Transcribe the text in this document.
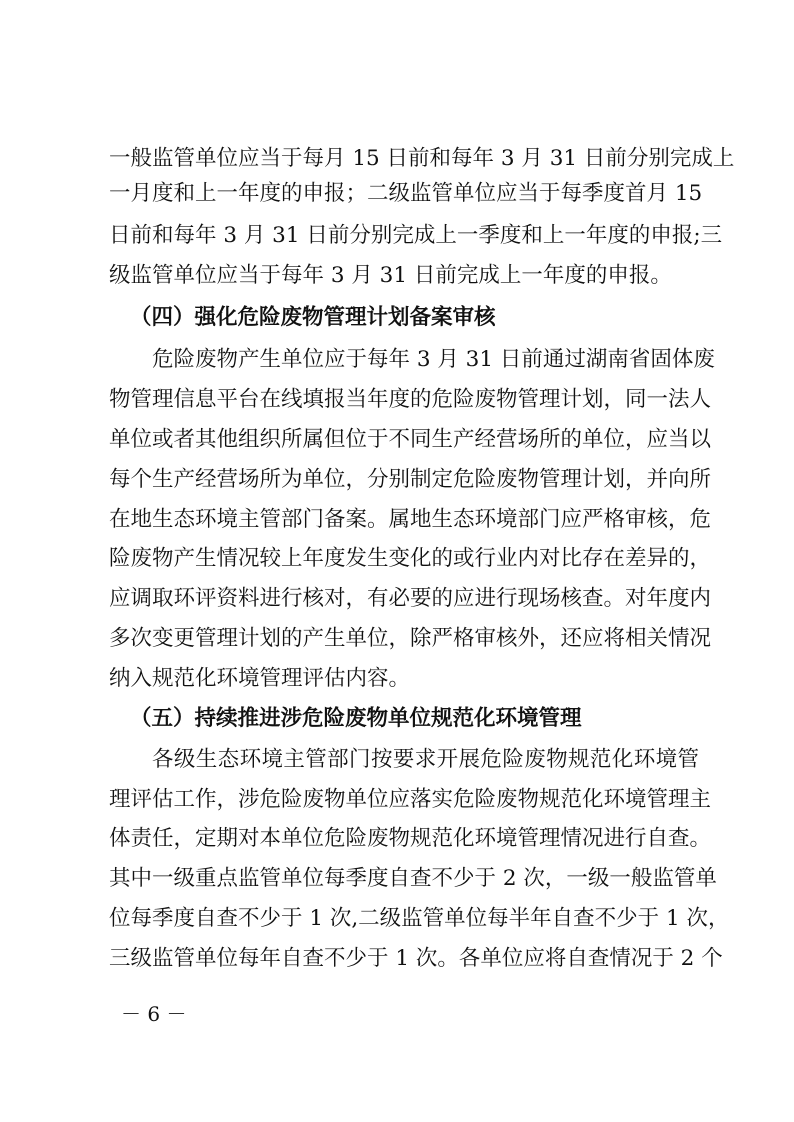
一般监管单位应当于每月 15 日前和每年 3 月 31 日前分别完成上
一月度和上一年度的申报；二级监管单位应当于每季度首月 15
日前和每年 3 月 31 日前分别完成上一季度和上一年度的申报;三
级监管单位应当于每年 3 月 31 日前完成上一年度的申报。
（四）强化危险废物管理计划备案审核
危险废物产生单位应于每年 3 月 31 日前通过湖南省固体废
物管理信息平台在线填报当年度的危险废物管理计划，同一法人
单位或者其他组织所属但位于不同生产经营场所的单位，应当以
每个生产经营场所为单位，分别制定危险废物管理计划，并向所
在地生态环境主管部门备案。属地生态环境部门应严格审核，危
险废物产生情况较上年度发生变化的或行业内对比存在差异的，
应调取环评资料进行核对，有必要的应进行现场核查。对年度内
多次变更管理计划的产生单位，除严格审核外，还应将相关情况
纳入规范化环境管理评估内容。
（五）持续推进涉危险废物单位规范化环境管理
各级生态环境主管部门按要求开展危险废物规范化环境管
理评估工作，涉危险废物单位应落实危险废物规范化环境管理主
体责任，定期对本单位危险废物规范化环境管理情况进行自查。
其中一级重点监管单位每季度自查不少于 2 次，一级一般监管单
位每季度自查不少于 1 次,二级监管单位每半年自查不少于 1 次，
三级监管单位每年自查不少于 1 次。各单位应将自查情况于 2 个
－ 6 －
